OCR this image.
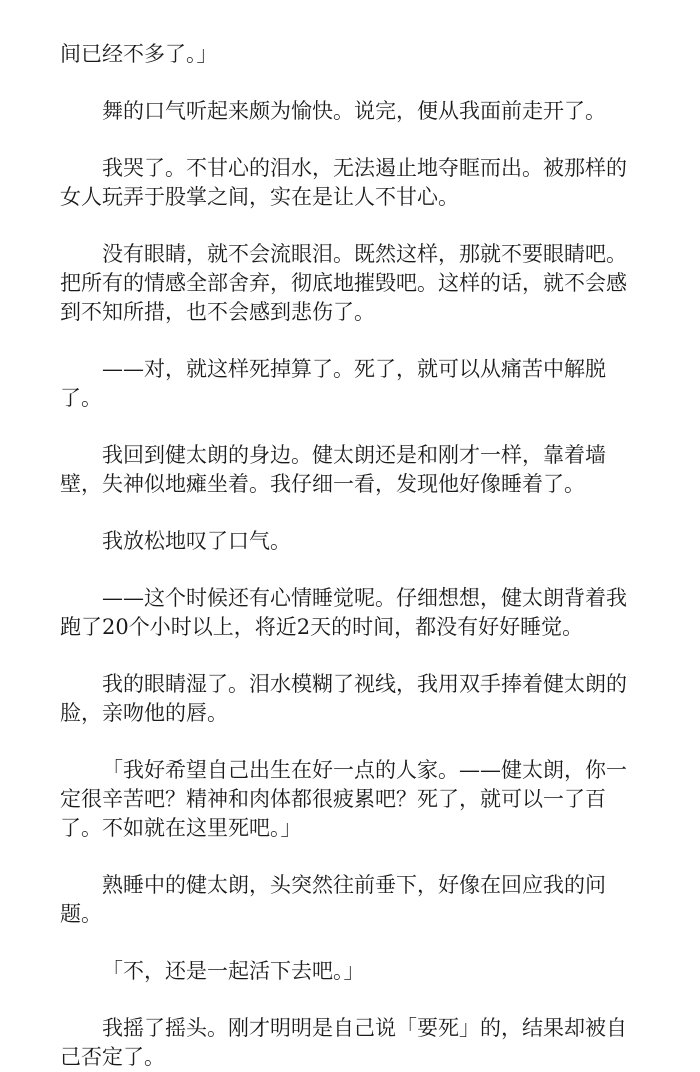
间已经不多了。」

舞的口气听起来颇为愉快。说完，便从我面前走开了。

我哭了。不甘心的泪水，无法遏止地夺眶而出。被那样的女人玩弄于股掌之间，实在是让人不甘心。

没有眼睛，就不会流眼泪。既然这样，那就不要眼睛吧。把所有的情感全部舍弃，彻底地摧毁吧。这样的话，就不会感到不知所措，也不会感到悲伤了。

——对，就这样死掉算了。死了，就可以从痛苦中解脱了。

我回到健太朗的身边。健太朗还是和刚才一样，靠着墙壁，失神似地瘫坐着。我仔细一看，发现他好像睡着了。

我放松地叹了口气。

——这个时候还有心情睡觉呢。仔细想想，健太朗背着我跑了20个小时以上，将近2天的时间，都没有好好睡觉。

我的眼睛湿了。泪水模糊了视线，我用双手捧着健太朗的脸，亲吻他的唇。

「我好希望自己出生在好一点的人家。——健太朗，你一定很辛苦吧？精神和肉体都很疲累吧？死了，就可以一了百了。不如就在这里死吧。」

熟睡中的健太朗，头突然往前垂下，好像在回应我的问题。

「不，还是一起活下去吧。」

我摇了摇头。刚才明明是自己说「要死」的，结果却被自己否定了。
